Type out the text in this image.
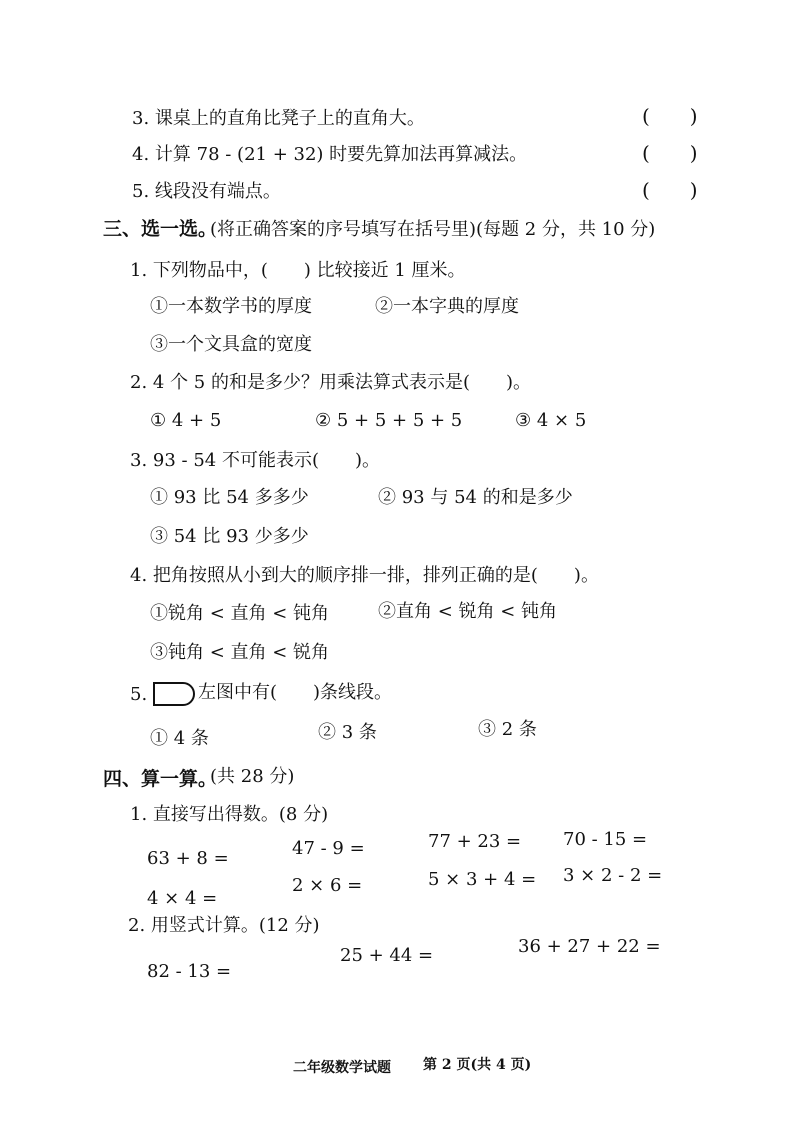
3. 课桌上的直角比凳子上的直角大。	(　　)
4. 计算 78 - (21 + 32) 时要先算加法再算减法。	(　　)
5. 线段没有端点。	(　　)
三、选一选。
(将正确答案的序号填写在括号里)(每题 2 分，共 10 分)
1. 下列物品中，(　　) 比较接近 1 厘米。
①一本数学书的厚度	②一本字典的厚度
③一个文具盒的宽度
2. 4 个 5 的和是多少？用乘法算式表示是(　　)。
① 4 + 5	② 5 + 5 + 5 + 5	③ 4 × 5
3. 93 - 54 不可能表示(　　)。
① 93 比 54 多多少	② 93 与 54 的和是多少
③ 54 比 93 少多少
4. 把角按照从小到大的顺序排一排，排列正确的是(　　)。
①锐角 < 直角 < 钝角	②直角 < 锐角 < 钝角
③钝角 < 直角 < 锐角
5.	左图中有(　　)条线段。
① 4 条	② 3 条	③ 2 条
四、算一算。
(共 28 分)
1. 直接写出得数。(8 分)
63 + 8 =	47 - 9 =	77 + 23 = 70 - 15 =
4 × 4 =
2 × 6 =	5 × 3 + 4 = 3 × 2 - 2 =
2. 用竖式计算。(12 分)
82 - 13 =
25 + 44 =	36 + 27 + 22 =
二年级数学试题 第 2 页(共 4 页)
